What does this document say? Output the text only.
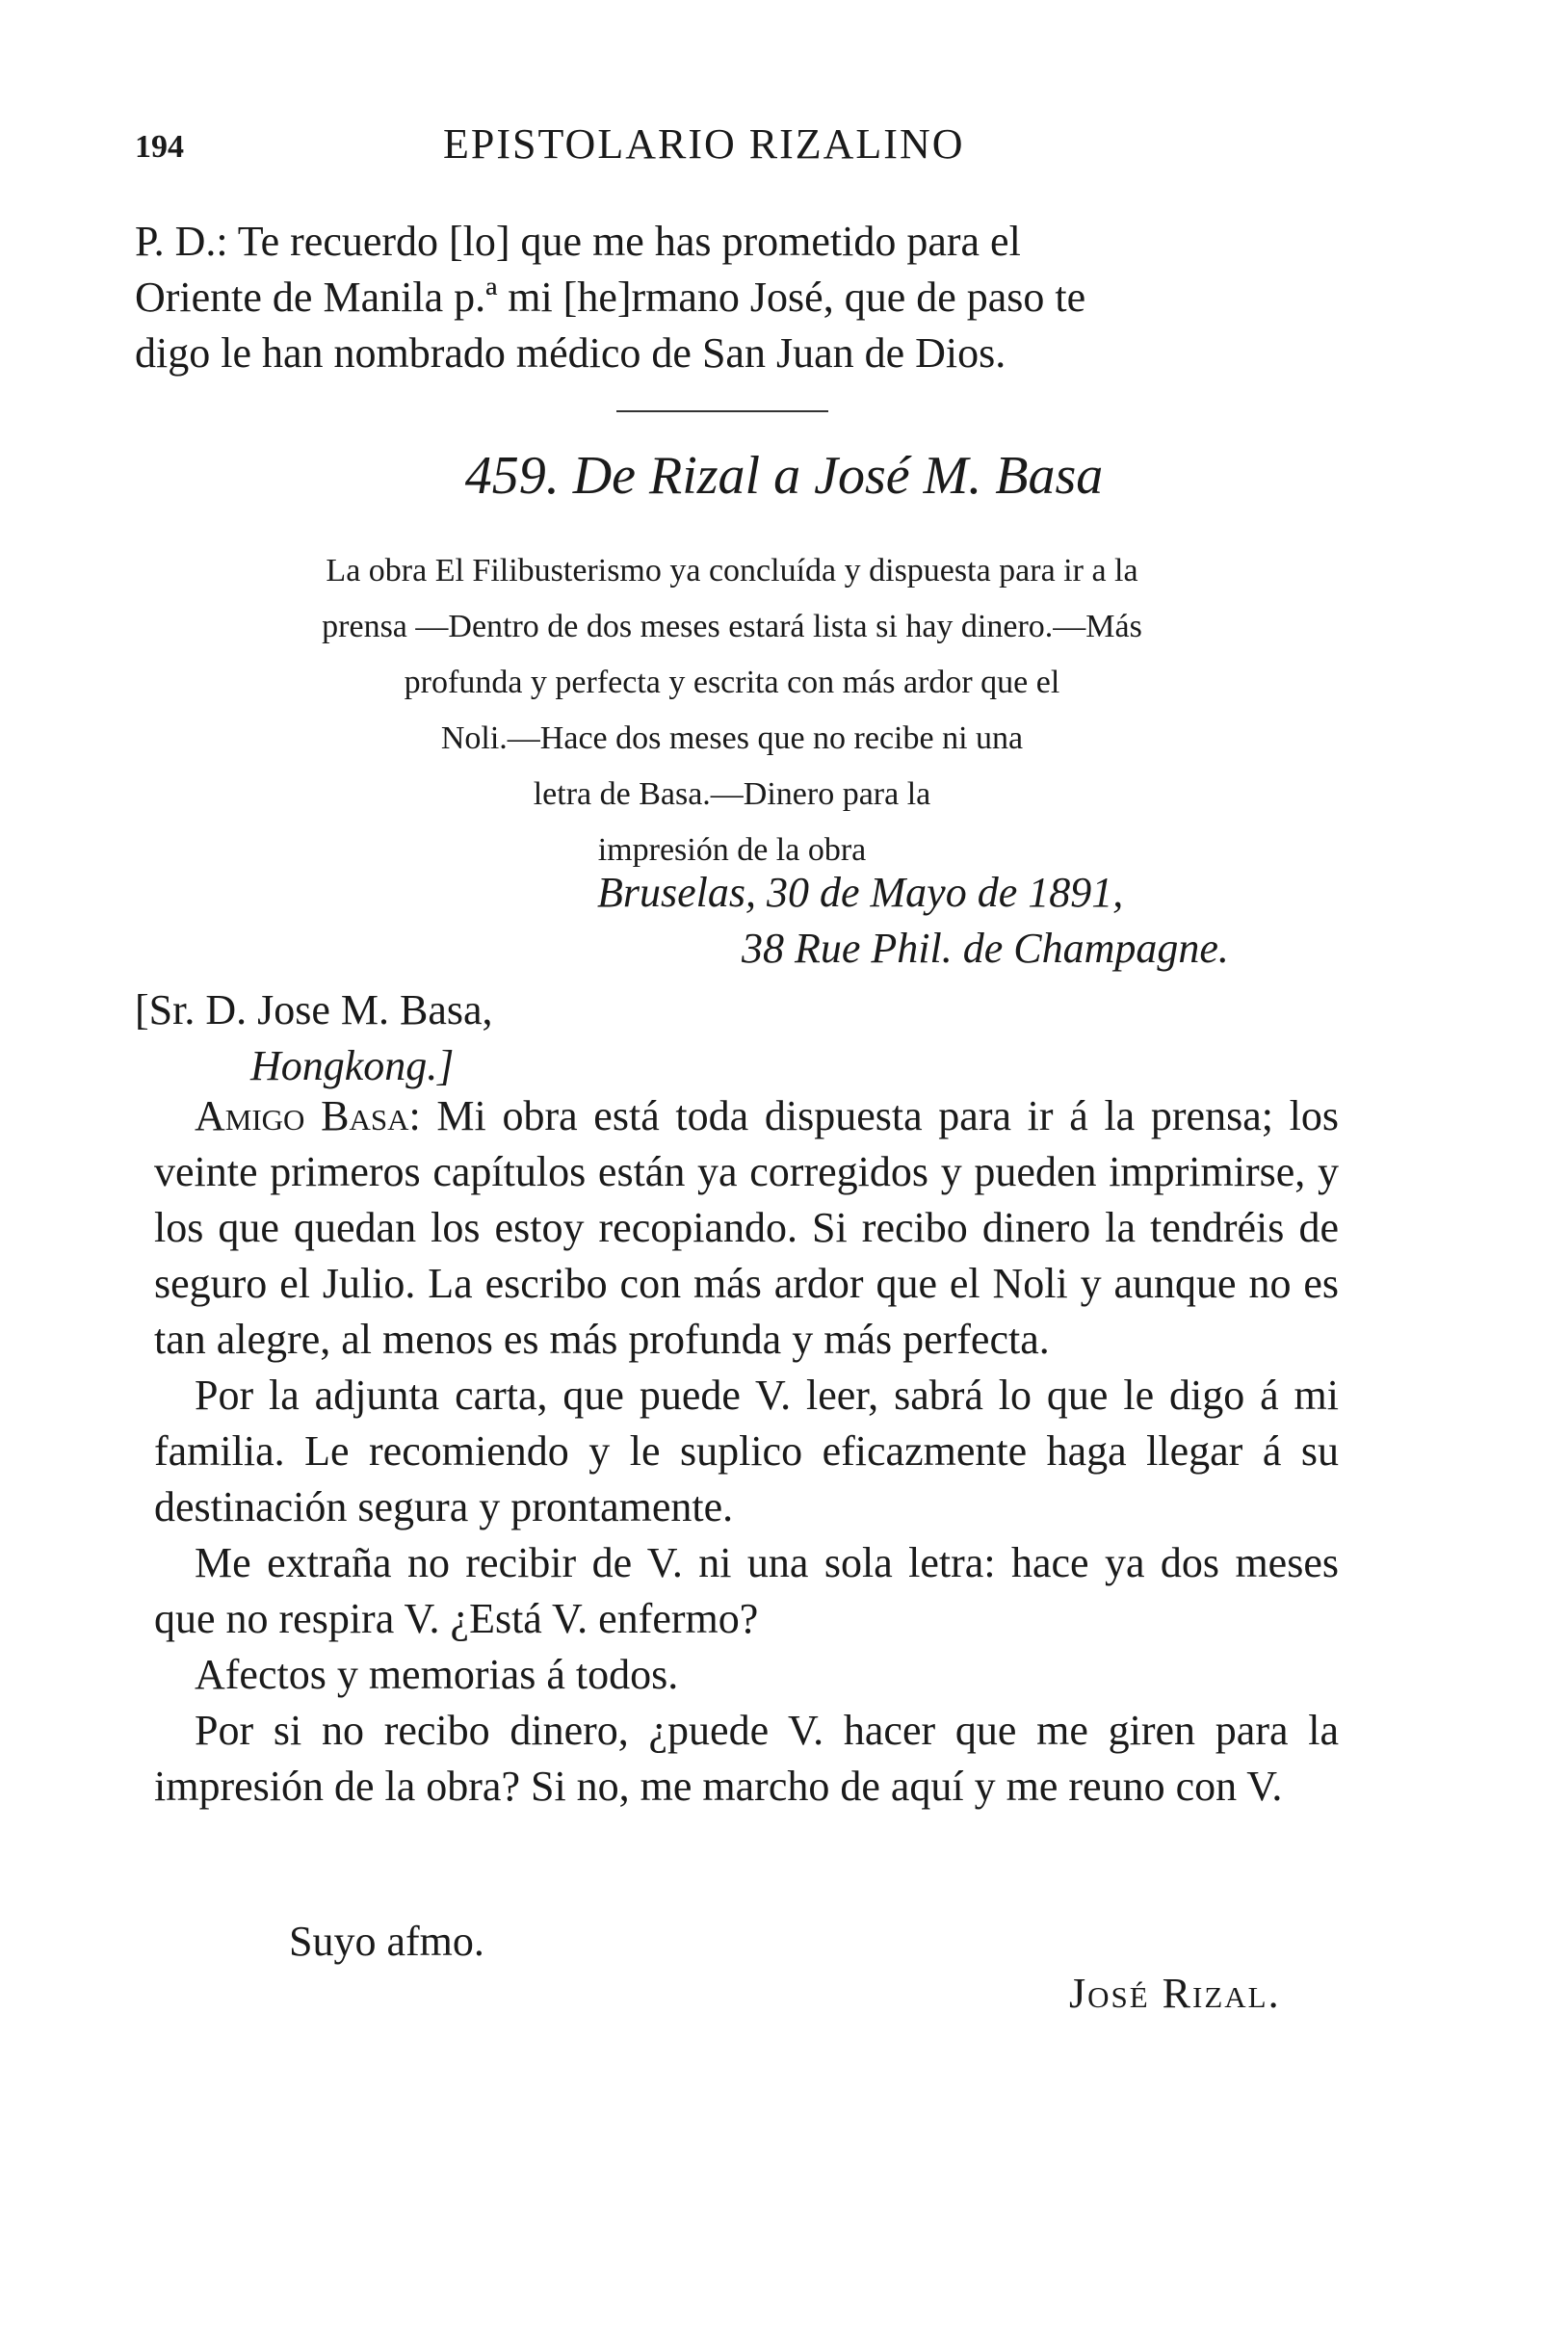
194	EPISTOLARIO RIZALINO

P. D.: Te recuerdo [lo] que me has prometido para el

Oriente de Manila p.ª mi [he]rmano José, que de paso te

digo le han nombrado médico de San Juan de Dios.

459. De Rizal a José M. Basa
La obra El Filibusterismo ya concluída y dispuesta para ir a la
prensa —Dentro de dos meses estará lista si hay dinero.—Más
profunda y perfecta y escrita con más ardor que el
Noli.—Hace dos meses que no recibe ni una
letra de Basa.—Dinero para la
impresión de la obra
Bruselas, 30 de Mayo de 1891,
38 Rue Phil. de Champagne.
[Sr. D. Jose M. Basa,
Hongkong.]

Amigo Basa: Mi obra está toda dispuesta para ir á la prensa; los veinte primeros capítulos están ya corregidos y pueden imprimirse, y los que quedan los estoy recopiando. Si recibo dinero la tendréis de seguro el Julio. La escribo con más ardor que el Noli y aunque no es tan alegre, al menos es más profunda y más perfecta.

Por la adjunta carta, que puede V. leer, sabrá lo que le digo á mi familia. Le recomiendo y le suplico eficazmente haga llegar á su destinación segura y prontamente.

Me extraña no recibir de V. ni una sola letra: hace ya dos meses que no respira V. ¿Está V. enfermo?

Afectos y memorias á todos.

Por si no recibo dinero, ¿puede V. hacer que me giren para la impresión de la obra? Si no, me marcho de aquí y me reuno con V.

Suyo afmo.
José Rizal.
